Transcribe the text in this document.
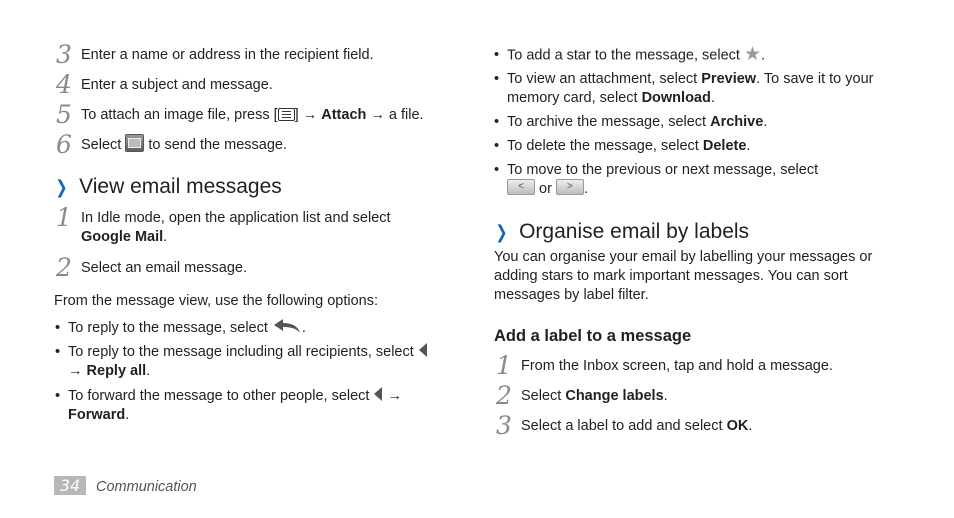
3 Enter a name or address in the recipient field.
4 Enter a subject and message.
5 To attach an image file, press [ ] → Attach → a file.
6 Select  to send the message.
❯ View email messages
1 In Idle mode, open the application list and select Google Mail.
2 Select an email message.
From the message view, use the following options:
• To reply to the message, select .
• To reply to the message including all recipients, select
→ Reply all.
• To forward the message to other people, select  →
Forward.
• To add a star to the message, select ★.
• To view an attachment, select Preview. To save it to your memory card, select Download.
• To archive the message, select Archive.
• To delete the message, select Delete.
• To move to the previous or next message, select
< or > .
❯ Organise email by labels
You can organise your email by labelling your messages or adding stars to mark important messages. You can sort messages by label filter.
Add a label to a message
1 From the Inbox screen, tap and hold a message.
2 Select Change labels.
3 Select a label to add and select OK.
34 Communication
